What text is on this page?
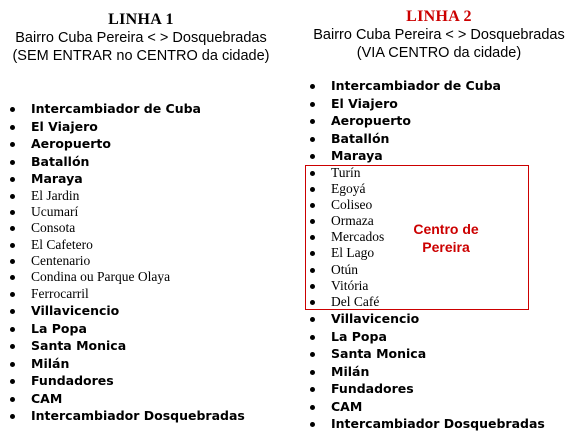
LINHA 1
Bairro Cuba Pereira < > Dosquebradas
(SEM ENTRAR no CENTRO da cidade)
Intercambiador de Cuba
El Viajero
Aeropuerto
Batallón
Maraya
El Jardin
Ucumarí
Consota
El Cafetero
Centenario
Condina ou Parque Olaya
Ferrocarril
Villavicencio
La Popa
Santa Monica
Milán
Fundadores
CAM
Intercambiador Dosquebradas
LINHA 2
Bairro Cuba Pereira < > Dosquebradas
(VIA CENTRO da cidade)
Intercambiador de Cuba
El Viajero
Aeropuerto
Batallón
Maraya
Turín
Egoyá
Coliseo
Ormaza
Mercados
El Lago
Otún
Vitória
Del Café
Villavicencio
La Popa
Santa Monica
Milán
Fundadores
CAM
Intercambiador Dosquebradas
Centro de
Pereira
